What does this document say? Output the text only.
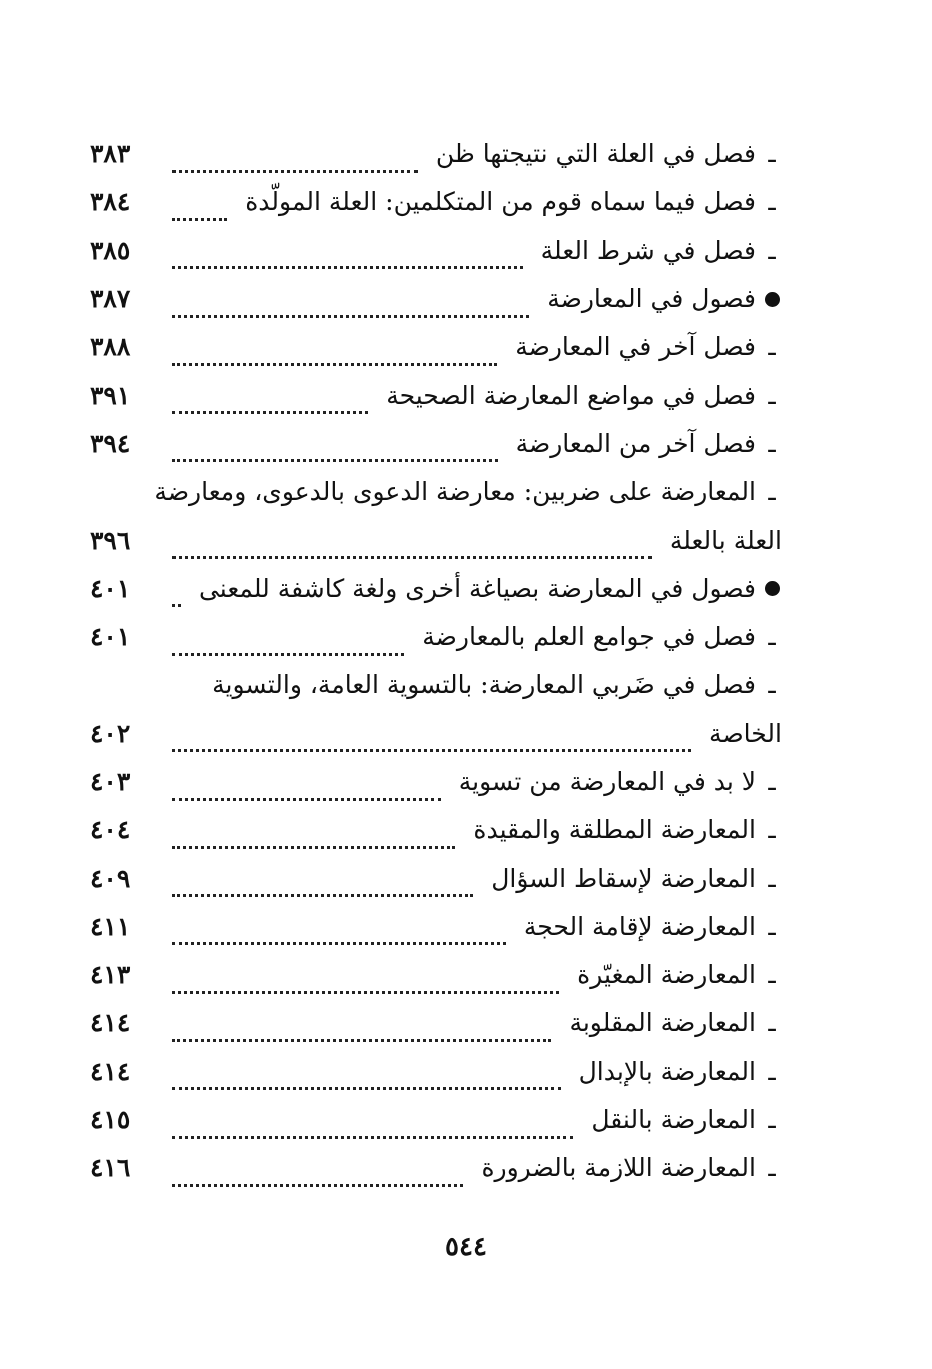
ـ
فصل في العلة التي نتيجتها ظن
٣٨٣
ـ
فصل فيما سماه قوم من المتكلمين: العلة المولّدة
٣٨٤
ـ
فصل في شرط العلة
٣٨٥
فصول في المعارضة
٣٨٧
ـ
فصل آخر في المعارضة
٣٨٨
ـ
فصل في مواضع المعارضة الصحيحة
٣٩١
ـ
فصل آخر من المعارضة
٣٩٤
ـ
المعارضة على ضربين: معارضة الدعوى بالدعوى، ومعارضة
العلة بالعلة
٣٩٦
فصول في المعارضة بصياغة أخرى ولغة كاشفة للمعنى
٤٠١
ـ
فصل في جوامع العلم بالمعارضة
٤٠١
ـ
فصل في ضَربي المعارضة: بالتسوية العامة، والتسوية
الخاصة
٤٠٢
ـ
لا بد في المعارضة من تسوية
٤٠٣
ـ
المعارضة المطلقة والمقيدة
٤٠٤
ـ
المعارضة لإسقاط السؤال
٤٠٩
ـ
المعارضة لإقامة الحجة
٤١١
ـ
المعارضة المغيّرة
٤١٣
ـ
المعارضة المقلوبة
٤١٤
ـ
المعارضة بالإبدال
٤١٤
ـ
المعارضة بالنقل
٤١٥
ـ
المعارضة اللازمة بالضرورة
٤١٦
٥٤٤
